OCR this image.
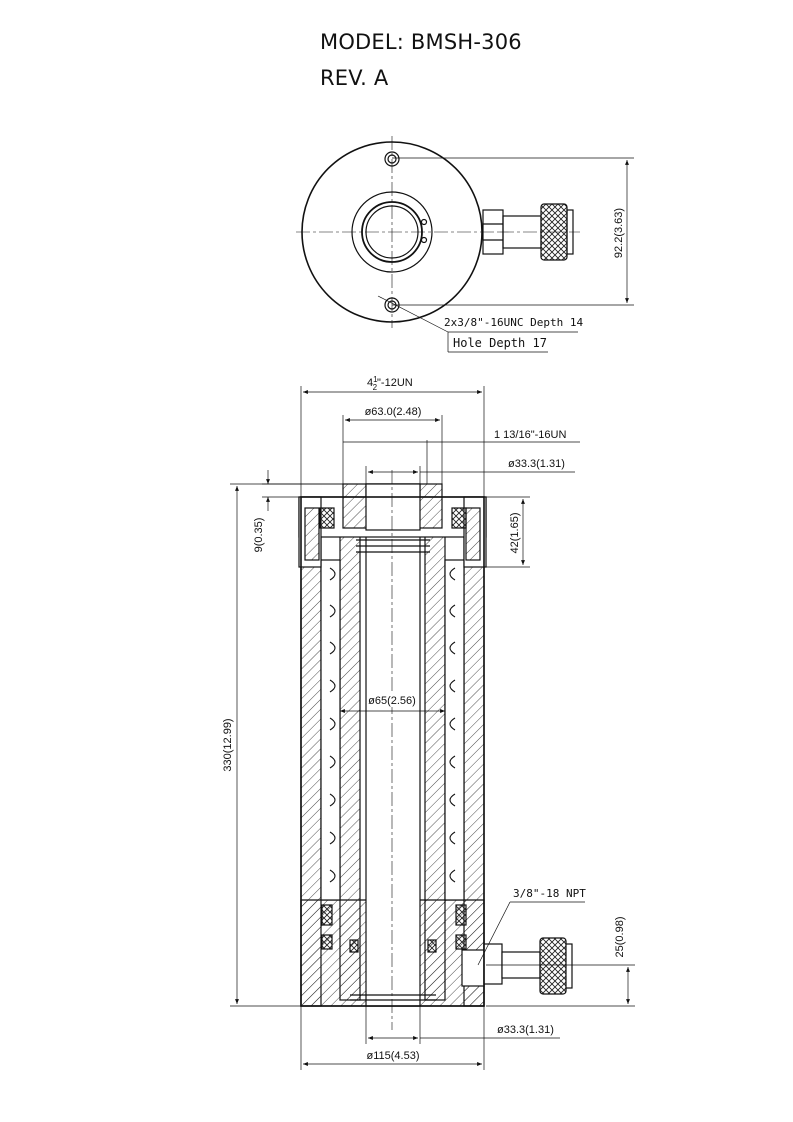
MODEL: BMSH-306
REV. A
92.2(3.63)
2x3/8"-16UNC Depth 14
Hole Depth 17
$4^1$ 2"-12UN
ø63.0(2.48)
1 13/16"-16UN
ø33.3(1.31)
9(0.35)	42(1.65)
330(12.99)
ø65(2.56)
3/8"-18 NPT
25(0.98)
ø33.3(1.31)
ø115(4.53)
